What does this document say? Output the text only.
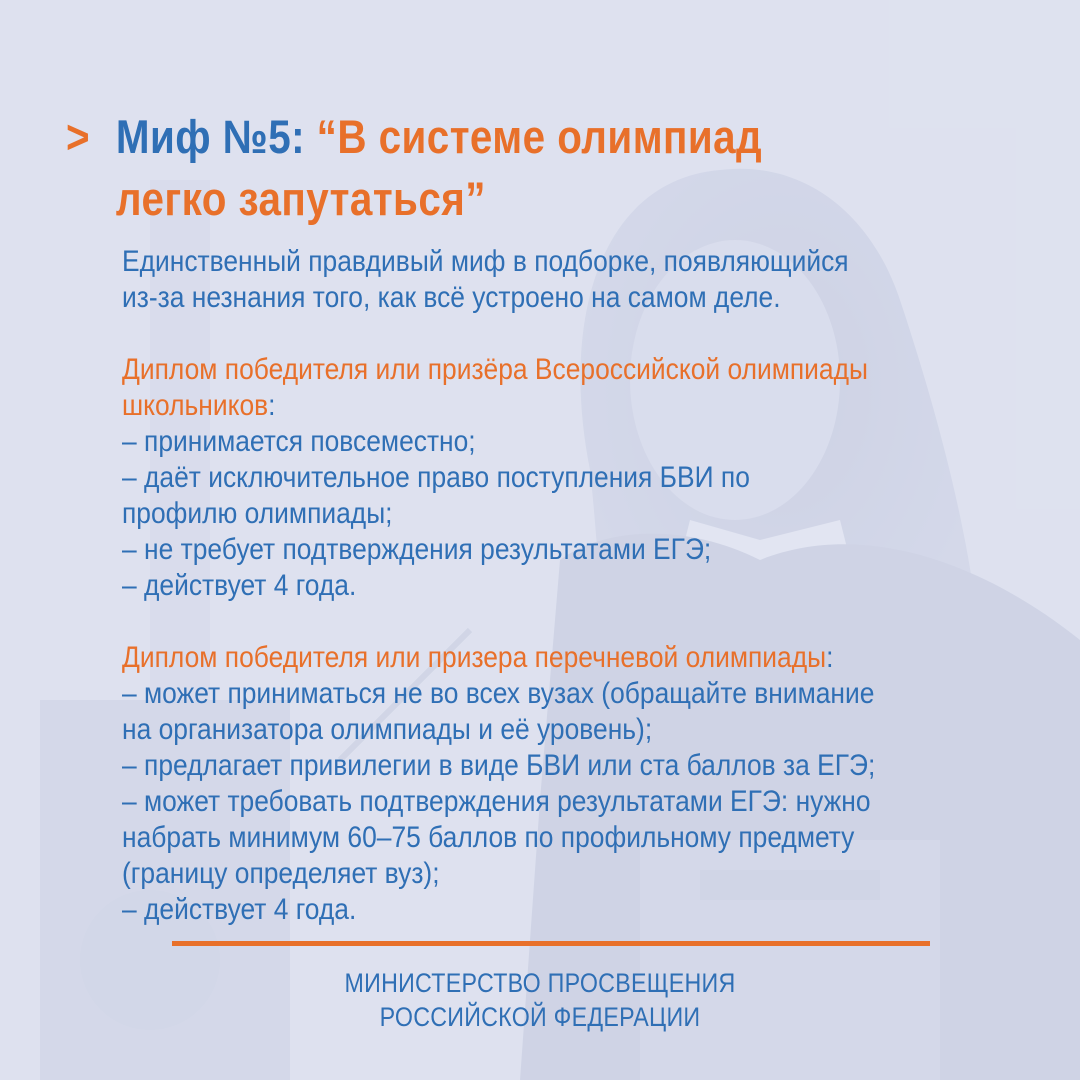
> Миф №5: “В системе олимпиад
легко запутаться”
Единственный правдивый миф в подборке, появляющийся
из-за незнания того, как всё устроено на самом деле.
Диплом победителя или призёра Всероссийской олимпиады
школьников:
– принимается повсеместно;
– даёт исключительное право поступления БВИ по
профилю олимпиады;
– не требует подтверждения результатами ЕГЭ;
– действует 4 года.
Диплом победителя или призера перечневой олимпиады:
– может приниматься не во всех вузах (обращайте внимание
на организатора олимпиады и её уровень);
– предлагает привилегии в виде БВИ или ста баллов за ЕГЭ;
– может требовать подтверждения результатами ЕГЭ: нужно
набрать минимум 60–75 баллов по профильному предмету
(границу определяет вуз);
– действует 4 года.
МИНИСТЕРСТВО ПРОСВЕЩЕНИЯ
РОССИЙСКОЙ ФЕДЕРАЦИИ
